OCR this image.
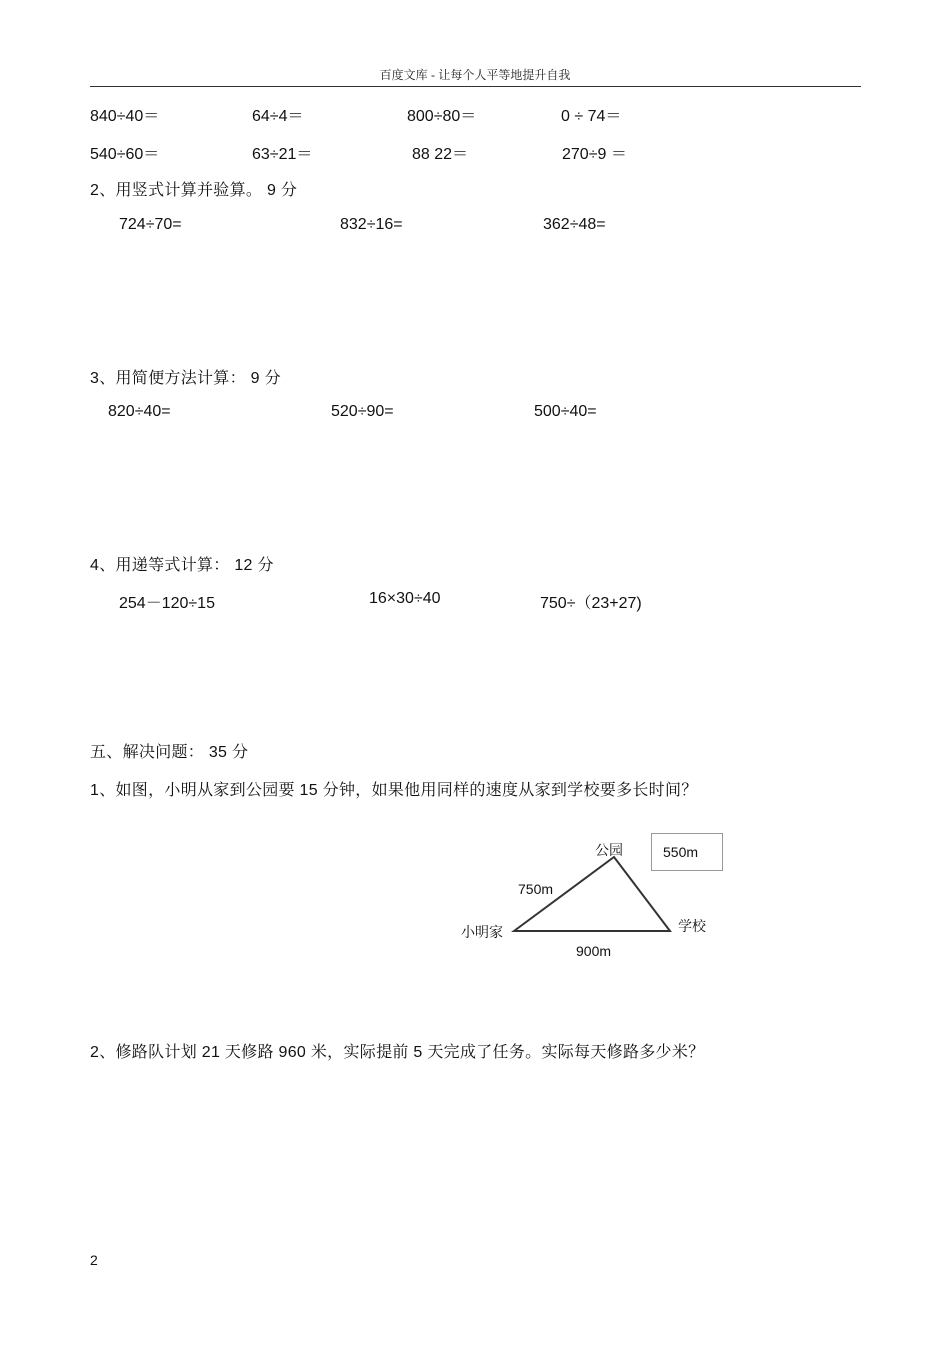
百度文库 - 让每个人平等地提升自我
840÷40＝	64÷4＝	800÷80＝	0 ÷ 74＝
540÷60＝	63÷21＝	88 22＝	270÷9 ＝
2、用竖式计算并验算。 9 分
724÷70=	832÷16=	362÷48=
3、用简便方法计算： 9 分
820÷40=	520÷90=	500÷40=
4、用递等式计算： 12 分
254－120÷15	16×30÷40	750÷（23+27)
五、解决问题： 35 分
1、如图，小明从家到公园要 15 分钟，如果他用同样的速度从家到学校要多长时间？
公园
750m
小明家	学校
900m
550m
2、修路队计划 21 天修路 960 米，实际提前 5 天完成了任务。实际每天修路多少米？
2
